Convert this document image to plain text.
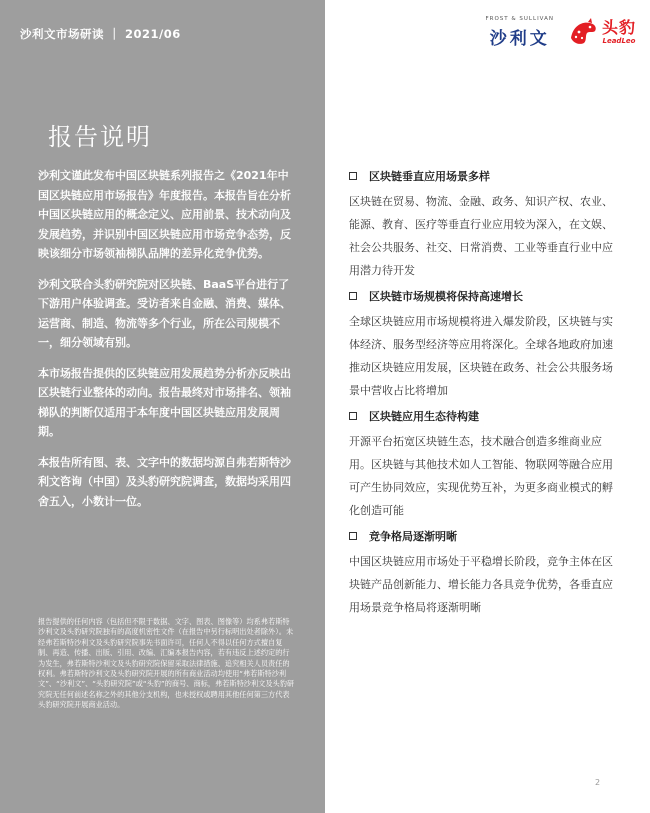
沙利文市场研读 ｜ 2021/06
报告说明

沙利文谨此发布中国区块链系列报告之《2021年中国区块链应用市场报告》年度报告。本报告旨在分析中国区块链应用的概念定义、应用前景、技术动向及发展趋势，并识别中国区块链应用市场竞争态势，反映该细分市场领袖梯队品牌的差异化竞争优势。

沙利文联合头豹研究院对区块链、BaaS平台进行了下游用户体验调查。受访者来自金融、消费、媒体、运营商、制造、物流等多个行业，所在公司规模不一，细分领域有别。

本市场报告提供的区块链应用发展趋势分析亦反映出区块链行业整体的动向。报告最终对市场排名、领袖梯队的判断仅适用于本年度中国区块链应用发展周期。

本报告所有图、表、文字中的数据均源自弗若斯特沙利文咨询（中国）及头豹研究院调查，数据均采用四舍五入，小数计一位。

报告提供的任何内容（包括但不限于数据、文字、图表、图像等）均系弗若斯特沙利文及头豹研究院独有的高度机密性文件（在报告中另行标明出处者除外）。未经弗若斯特沙利文及头豹研究院事先书面许可，任何人不得以任何方式擅自复制、再造、传播、出版、引用、改编、汇编本报告内容，若有违反上述约定的行为发生，弗若斯特沙利文及头豹研究院保留采取法律措施、追究相关人员责任的权利。弗若斯特沙利文及头豹研究院开展的所有商业活动均使用“弗若斯特沙利文”、“沙利文”、“头豹研究院”或“头豹”的商号、商标，弗若斯特沙利文及头豹研究院无任何前述名称之外的其他分支机构，也未授权或聘用其他任何第三方代表头豹研究院开展商业活动。
FROST & SULLIVAN
沙利文
头豹
LeadLeo
区块链垂直应用场景多样

区块链在贸易、物流、金融、政务、知识产权、农业、能源、教育、医疗等垂直行业应用较为深入，在文娱、社会公共服务、社交、日常消费、工业等垂直行业中应用潜力待开发

区块链市场规模将保持高速增长

全球区块链应用市场规模将进入爆发阶段，区块链与实体经济、服务型经济等应用将深化。全球各地政府加速推动区块链应用发展，区块链在政务、社会公共服务场景中营收占比将增加

区块链应用生态待构建

开源平台拓宽区块链生态，技术融合创造多维商业应用。区块链与其他技术如人工智能、物联网等融合应用可产生协同效应，实现优势互补，为更多商业模式的孵化创造可能

竞争格局逐渐明晰

中国区块链应用市场处于平稳增长阶段，竞争主体在区块链产品创新能力、增长能力各具竞争优势，各垂直应用场景竞争格局将逐渐明晰

2
